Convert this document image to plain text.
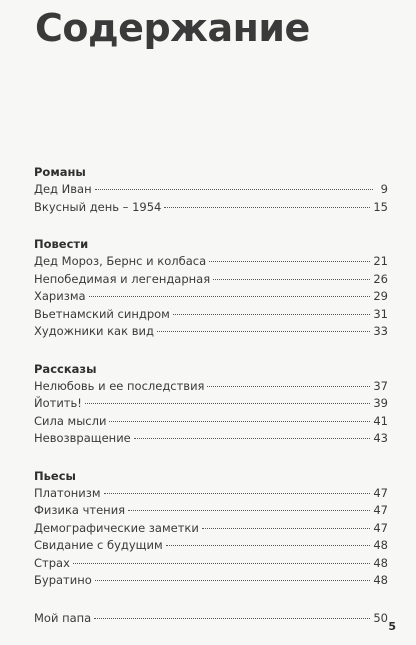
Содержание
Романы
Дед Иван	9
Вкусный день – 1954	15
Повести
Дед Мороз, Бернс и колбаса	21
Непобедимая и легендарная	26
Харизма	29
Вьетнамский синдром	31
Художники как вид	33
Рассказы
Нелюбовь и ее последствия	37
Йотить!	39
Сила мысли	41
Невозвращение	43
Пьесы
Платонизм	47
Физика чтения	47
Демографические заметки	47
Свидание с будущим	48
Страх	48
Буратино	48
Мой папа	50
5
